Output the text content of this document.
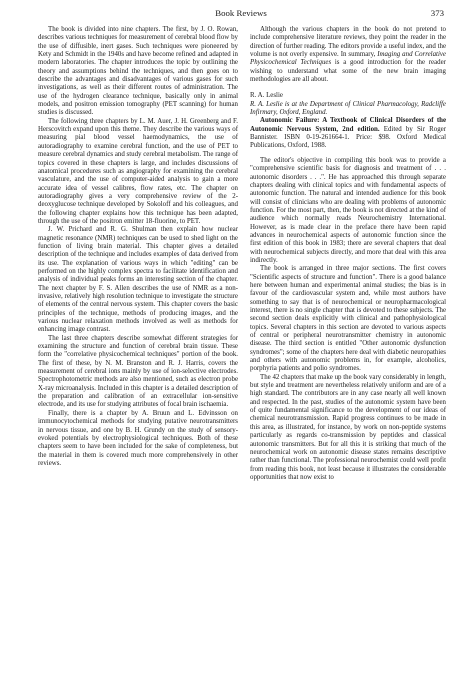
Book Reviews	373

The book is divided into nine chapters. The first, by J. O. Rowan, describes various techniques for measurement of cerebral blood flow by the use of diffusible, inert gases. Such techniques were pioneered by Kety and Schmidt in the 1940s and have become refined and adapted in modern laboratories. The chapter introduces the topic by outlining the theory and assumptions behind the techniques, and then goes on to describe the advantages and disadvantages of various gases for such investigations, as well as their different routes of administration. The use of the hydrogen clearance technique, basically only in animal models, and positron emission tomography (PET scanning) for human studies is discussed.

The following three chapters by L. M. Auer, J. H. Greenberg and F. Herscovitch expand upon this theme. They describe the various ways of measuring pial blood vessel haemodynamics, the use of autoradiography to examine cerebral function, and the use of PET to measure cerebral dynamics and study cerebral metabolism. The range of topics covered in these chapters is large, and includes discussions of anatomical procedures such as angiography for examining the cerebral vasculature, and the use of computer-aided analysis to gain a more accurate idea of vessel calibres, flow rates, etc. The chapter on autoradiography gives a very comprehensive review of the 2-deoxyglucose technique developed by Sokoloff and his colleagues, and the following chapter explains how this technique has been adapted, through the use of the positron emitter 18-fluorine, to PET.

J. W. Prichard and R. G. Shulman then explain how nuclear magnetic resonance (NMR) techniques can be used to shed light on the function of living brain material. This chapter gives a detailed description of the technique and includes examples of data derived from its use. The explanation of various ways in which "editing" can be performed on the highly complex spectra to facilitate identification and analysis of individual peaks forms an interesting section of the chapter. The next chapter by F. S. Allen describes the use of NMR as a non-invasive, relatively high resolution technique to investigate the structure of elements of the central nervous system. This chapter covers the basic principles of the technique, methods of producing images, and the various nuclear relaxation methods involved as well as methods for enhancing image contrast.

The last three chapters describe somewhat different strategies for examining the structure and function of cerebral brain tissue. These form the "correlative physicochemical techniques" portion of the book. The first of these, by N. M. Branston and R. J. Harris, covers the measurement of cerebral ions mainly by use of ion-selective electrodes. Spectrophotometric methods are also mentioned, such as electron probe X-ray microanalysis. Included in this chapter is a detailed description of the preparation and calibration of an extracellular ion-sensitive electrode, and its use for studying attributes of focal brain ischaemia.

Finally, there is a chapter by A. Bruun and L. Edvinsson on immunocytochemical methods for studying putative neurotransmitters in nervous tissue, and one by B. H. Grundy on the study of sensory-evoked potentials by electrophysiological techniques. Both of these chapters seem to have been included for the sake of completeness, but the material in them is covered much more comprehensively in other reviews.

Although the various chapters in the book do not pretend to include comprehensive literature reviews, they point the reader in the direction of further reading. The editors provide a useful index, and the volume is not overly expensive. In summary, Imaging and Correlative Physicochemical Techniques is a good introduction for the reader wishing to understand what some of the new brain imaging methodologies are all about.

R. A. Leslie

R. A. Leslie is at the Department of Clinical Pharmacology, Radcliffe Infirmary, Oxford, England.

Autonomic Failure: A Textbook of Clinical Disorders of the Autonomic Nervous System, 2nd edition. Edited by Sir Roger Bannister. ISBN 0-19-261664-1. Price: $98. Oxford Medical Publications, Oxford, 1988.

The editor's objective in compiling this book was to provide a "comprehensive scientific basis for diagnosis and treatment of . . . autonomic disorders . . .". He has approached this through separate chapters dealing with clinical topics and with fundamental aspects of autonomic function. The natural and intended audience for this book will consist of clinicians who are dealing with problems of autonomic function. For the most part, then, the book is not directed at the kind of audience which normally reads Neurochemistry International. However, as is made clear in the preface there have been rapid advances in neurochemical aspects of autonomic function since the first edition of this book in 1983; there are several chapters that deal with neurochemical subjects directly, and more that deal with this area indirectly.

The book is arranged in three major sections. The first covers "Scientific aspects of structure and function". There is a good balance here between human and experimental animal studies; the bias is in favour of the cardiovascular system and, while most authors have something to say that is of neurochemical or neuropharmacological interest, there is no single chapter that is devoted to these subjects. The second section deals explicitly with clinical and pathophysiological topics. Several chapters in this section are devoted to various aspects of central or peripheral neurotransmitter chemistry in autonomic disease. The third section is entitled "Other autonomic dysfunction syndromes"; some of the chapters here deal with diabetic neuropathies and others with autonomic problems in, for example, alcoholics, porphyria patients and polio syndromes.

The 42 chapters that make up the book vary considerably in length, but style and treatment are nevertheless relatively uniform and are of a high standard. The contributors are in any case nearly all well known and respected. In the past, studies of the autonomic system have been of quite fundamental significance to the development of our ideas of chemical neurotransmission. Rapid progress continues to be made in this area, as illustrated, for instance, by work on non-peptide systems particularly as regards co-transmission by peptides and classical autonomic transmitters. But for all this it is striking that much of the neurochemical work on autonomic disease states remains descriptive rather than functional. The professional neurochemist could well profit from reading this book, not least because it illustrates the considerable opportunities that now exist to
